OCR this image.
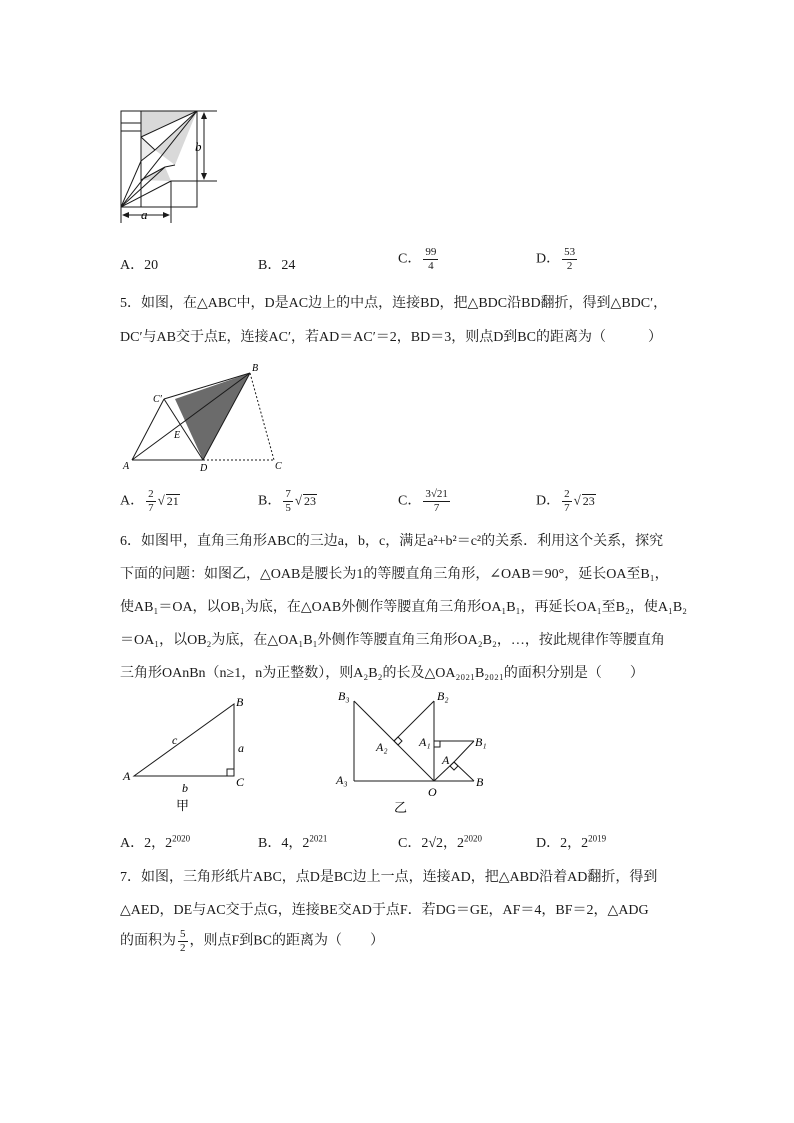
b
a
A．20	B．24	C． $\frac{99}{4}$	D． $\frac{53}{2}$
5．如图，在△ABC中，D是AC边上的中点，连接BD，把△BDC沿BD翻折，得到△BDC′，
DC′与AB交于点E，连接AC′，若AD＝AC′＝2，BD＝3，则点D到BC的距离为（　　　）
B
C′
E
A	D	C
A． $\frac{2}{7}$ √ 21	B． $\frac{7}{5}$ √ 23	C． $\frac{3√21}{7}$	D． $\frac{2}{7}$ √ 23
6．如图甲，直角三角形ABC的三边a，b，c，满足a²+b²＝c²的关系．利用这个关系，探究
下面的问题：如图乙，△OAB是腰长为1的等腰直角三角形，∠OAB＝90°，延长OA至B₁，
使AB₁＝OA，以OB₁为底，在△OAB外侧作等腰直角三角形OA₁B₁，再延长OA₁至B₂，使A₁B₂
＝OA₁，以OB₂为底，在△OA₁B₁外侧作等腰直角三角形OA₂B₂，…，按此规律作等腰直角
三角形OAnBn（n≥1，n为正整数），则A₂B₂的长及△OA₂₀₂₁B₂₀₂₁的面积分别是（　　）
B
c
a
A
b	C
甲
B₃	B₂
A₂	A₁	B₁
A
A₃
O
B
乙
A．2，$2^{2020}$	B．4，$2^{2021}$	C．2√2，$2^{2020}$	D．2，$2^{2019}$
7．如图，三角形纸片ABC，点D是BC边上一点，连接AD，把△ABD沿着AD翻折，得到
△AED，DE与AC交于点G，连接BE交AD于点F．若DG＝GE，AF＝4，BF＝2，△ADG
的面积为 $\frac{5}{2}$ ，则点F到BC的距离为（　　）
